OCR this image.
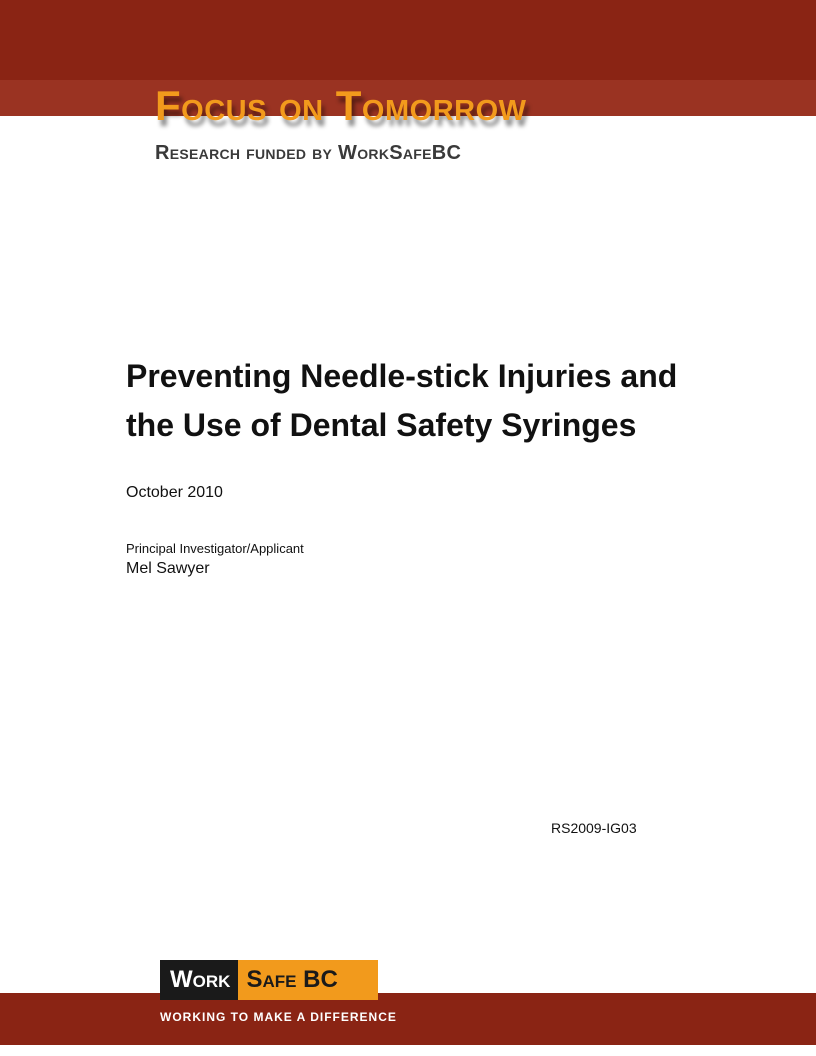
Focus on Tomorrow
Research funded by WorkSafeBC
Preventing Needle-stick Injuries and
the Use of Dental Safety Syringes
October 2010
Principal Investigator/Applicant
Mel Sawyer
RS2009-IG03
Work Safe BC
WORKING TO MAKE A DIFFERENCE
